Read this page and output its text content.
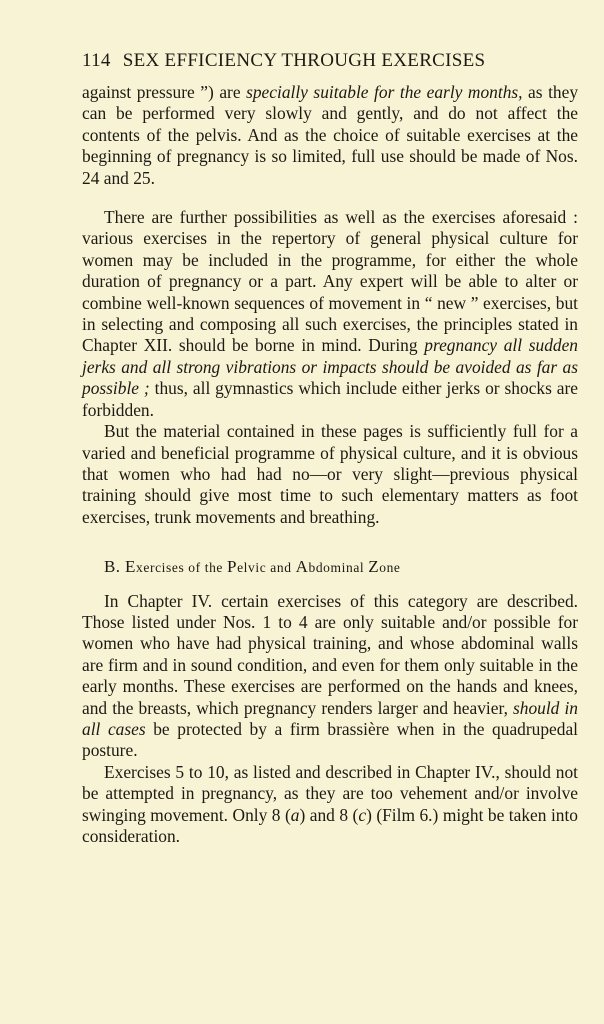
114 SEX EFFICIENCY THROUGH EXERCISES

against pressure ”) are specially suitable for the early months, as they can be performed very slowly and gently, and do not affect the contents of the pelvis. And as the choice of suitable exercises at the beginning of pregnancy is so limited, full use should be made of Nos. 24 and 25.

There are further possibilities as well as the exercises aforesaid : various exercises in the repertory of general physical culture for women may be included in the programme, for either the whole duration of pregnancy or a part. Any expert will be able to alter or combine well-known sequences of movement in “ new ” exercises, but in selecting and composing all such exercises, the principles stated in Chapter XII. should be borne in mind. During pregnancy all sudden jerks and all strong vibrations or impacts should be avoided as far as possible ; thus, all gymnastics which include either jerks or shocks are forbidden.

But the material contained in these pages is sufficiently full for a varied and beneficial programme of physical culture, and it is obvious that women who had had no—or very slight—previous physical training should give most time to such elementary matters as foot exercises, trunk movements and breathing.

B. Exercises of the Pelvic and Abdominal Zone

In Chapter IV. certain exercises of this category are described. Those listed under Nos. 1 to 4 are only suitable and/or possible for women who have had physical training, and whose abdominal walls are firm and in sound condition, and even for them only suitable in the early months. These exercises are performed on the hands and knees, and the breasts, which pregnancy renders larger and heavier, should in all cases be protected by a firm brassière when in the quadrupedal posture.

Exercises 5 to 10, as listed and described in Chapter IV., should not be attempted in pregnancy, as they are too vehement and/or involve swinging movement. Only 8 (a) and 8 (c) (Film 6.) might be taken into consideration.
